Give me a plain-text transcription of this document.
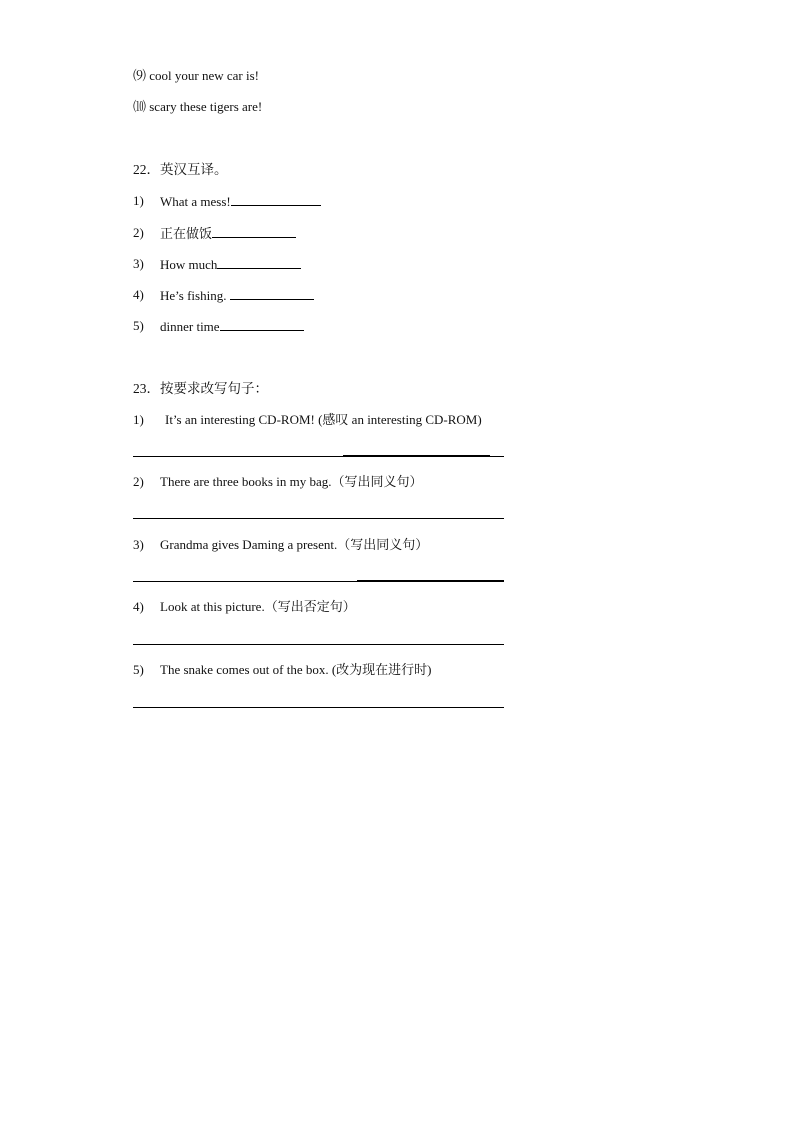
⑼ cool your new car is!
⑽ scary these tigers are!
22．英汉互译。
1) What a mess!
2) 正在做饭
3) How much
4) He’s fishing.
5) dinner time
23．按要求改写句子：
1) It’s an interesting CD-ROM! (感叹 an interesting CD-ROM)
2) There are three books in my bag.（写出同义句）
3) Grandma gives Daming a present.（写出同义句）
4) Look at this picture.（写出否定句）
5) The snake comes out of the box. (改为现在进行时)
